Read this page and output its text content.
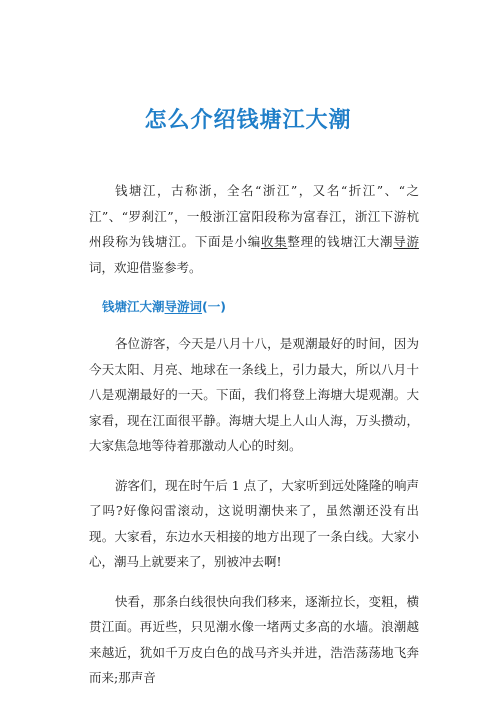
怎么介绍钱塘江大潮

钱塘江，古称浙，全名“浙江”，又名“折江”、“之江”、“罗刹江”，一般浙江富阳段称为富春江，浙江下游杭州段称为钱塘江。下面是小编收集整理的钱塘江大潮导游词，欢迎借鉴参考。

钱塘江大潮导游词(一)

各位游客，今天是八月十八，是观潮最好的时间，因为今天太阳、月亮、地球在一条线上，引力最大，所以八月十八是观潮最好的一天。下面，我们将登上海塘大堤观潮。大家看，现在江面很平静。海塘大堤上人山人海，万头攒动，大家焦急地等待着那激动人心的时刻。

游客们，现在时午后 1 点了，大家听到远处隆隆的响声了吗?好像闷雷滚动，这说明潮快来了，虽然潮还没有出现。大家看，东边水天相接的地方出现了一条白线。大家小心，潮马上就要来了，别被冲去啊!

快看，那条白线很快向我们移来，逐渐拉长，变粗，横贯江面。再近些，只见潮水像一堵两丈多高的水墙。浪潮越来越近，犹如千万皮白色的战马齐头并进，浩浩荡荡地飞奔而来;那声音
